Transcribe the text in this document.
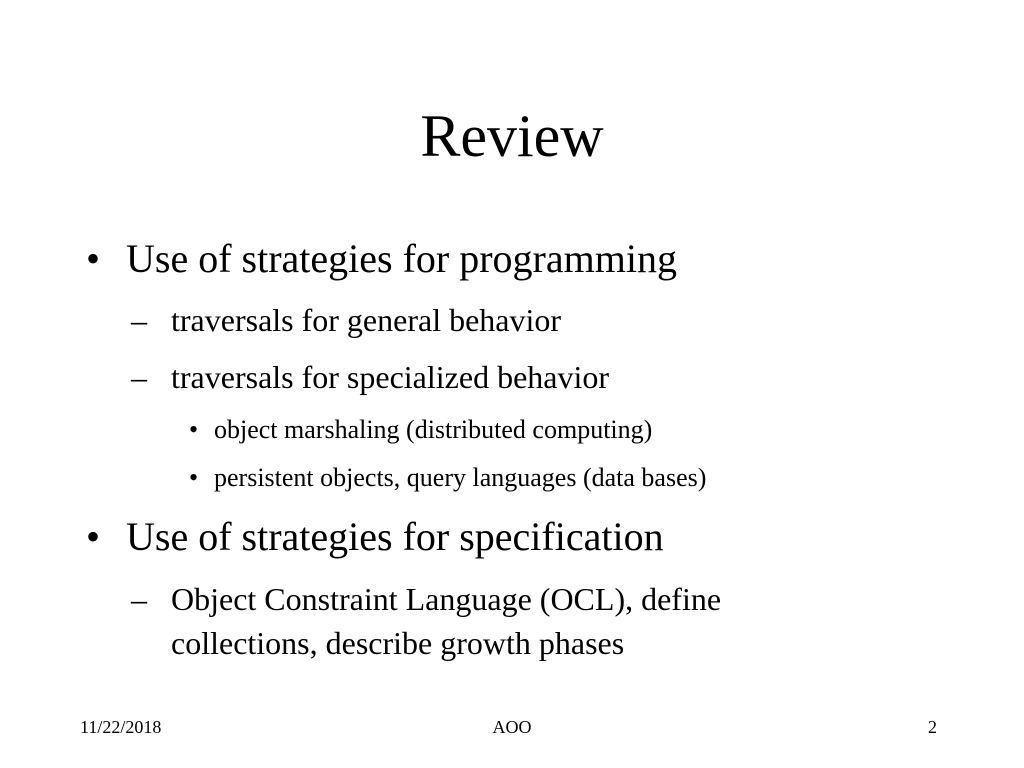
Review
• Use of strategies for programming
– traversals for general behavior
– traversals for specialized behavior
• object marshaling (distributed computing)
• persistent objects, query languages (data bases)
• Use of strategies for specification
– Object Constraint Language (OCL), define
collections, describe growth phases
11/22/2018	AOO	2
